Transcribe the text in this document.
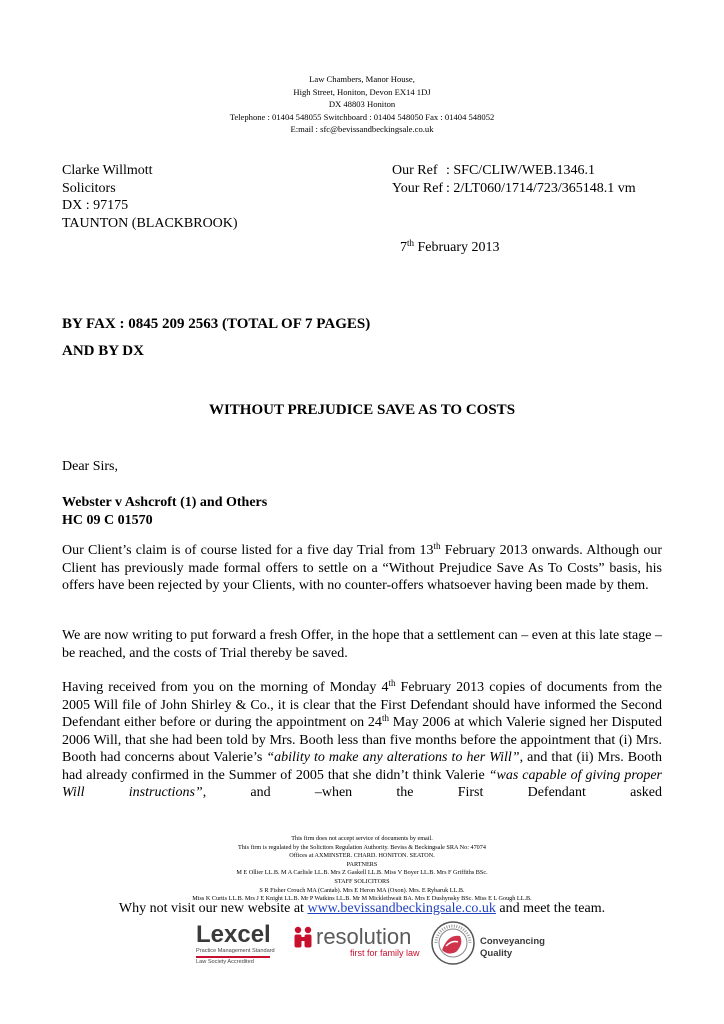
Law Chambers, Manor House,
High Street, Honiton, Devon EX14 1DJ
DX 48803 Honiton
Telephone : 01404 548055 Switchboard : 01404 548050 Fax : 01404 548052
E:mail : sfc@bevissandbeckingsale.co.uk
Clarke Willmott
Solicitors
DX : 97175
TAUNTON (BLACKBROOK)
Our Ref : SFC/CLIW/WEB.1346.1
Your Ref : 2/LT060/1714/723/365148.1 vm
7th February 2013
BY FAX : 0845 209 2563 (TOTAL OF 7 PAGES)
AND BY DX
WITHOUT PREJUDICE SAVE AS TO COSTS
Dear Sirs,
Webster v Ashcroft (1) and Others
HC 09 C 01570
Our Client’s claim is of course listed for a five day Trial from 13th February 2013 onwards. Although our Client has previously made formal offers to settle on a “Without Prejudice Save As To Costs” basis, his offers have been rejected by your Clients, with no counter-offers whatsoever having been made by them.
We are now writing to put forward a fresh Offer, in the hope that a settlement can – even at this late stage – be reached, and the costs of Trial thereby be saved.
Having received from you on the morning of Monday 4th February 2013 copies of documents from the 2005 Will file of John Shirley & Co., it is clear that the First Defendant should have informed the Second Defendant either before or during the appointment on 24th May 2006 at which Valerie signed her Disputed 2006 Will, that she had been told by Mrs. Booth less than five months before the appointment that (i) Mrs. Booth had concerns about Valerie’s “ability to make any alterations to her Will”, and that (ii) Mrs. Booth had already confirmed in the Summer of 2005 that she didn’t think Valerie “was capable of giving proper Will instructions”, and –when the First Defendant asked
This firm does not accept service of documents by email.
This firm is regulated by the Solicitors Regulation Authority. Beviss & Beckingsale SRA No: 47074
Offices at AXMINSTER. CHARD. HONITON. SEATON.
PARTNERS
M E Ollier LL.B. M A Carlisle LL.B. Mrs Z Gaskell LL.B. Miss V Boyer LL.B. Mrs F Griffiths BSc.
STAFF SOLICITORS
S R Fisher Crouch MA (Cantab). Mrs E Heron MA (Oxon). Mrs. E Rybaruk LL.B.
Miss K Curtis LL.B. Mrs J E Knight LL.B. Mr P Watkins LL.B. Mr M Micklethwait BA. Mrs E Dushynsky BSc. Miss E L Gough LL.B.
Why not visit our new website at www.bevissandbeckingsale.co.uk and meet the team.
Lexcel
Practice Management Standard
Law Society Accredited
resolution
first for family law
Conveyancing
Quality
